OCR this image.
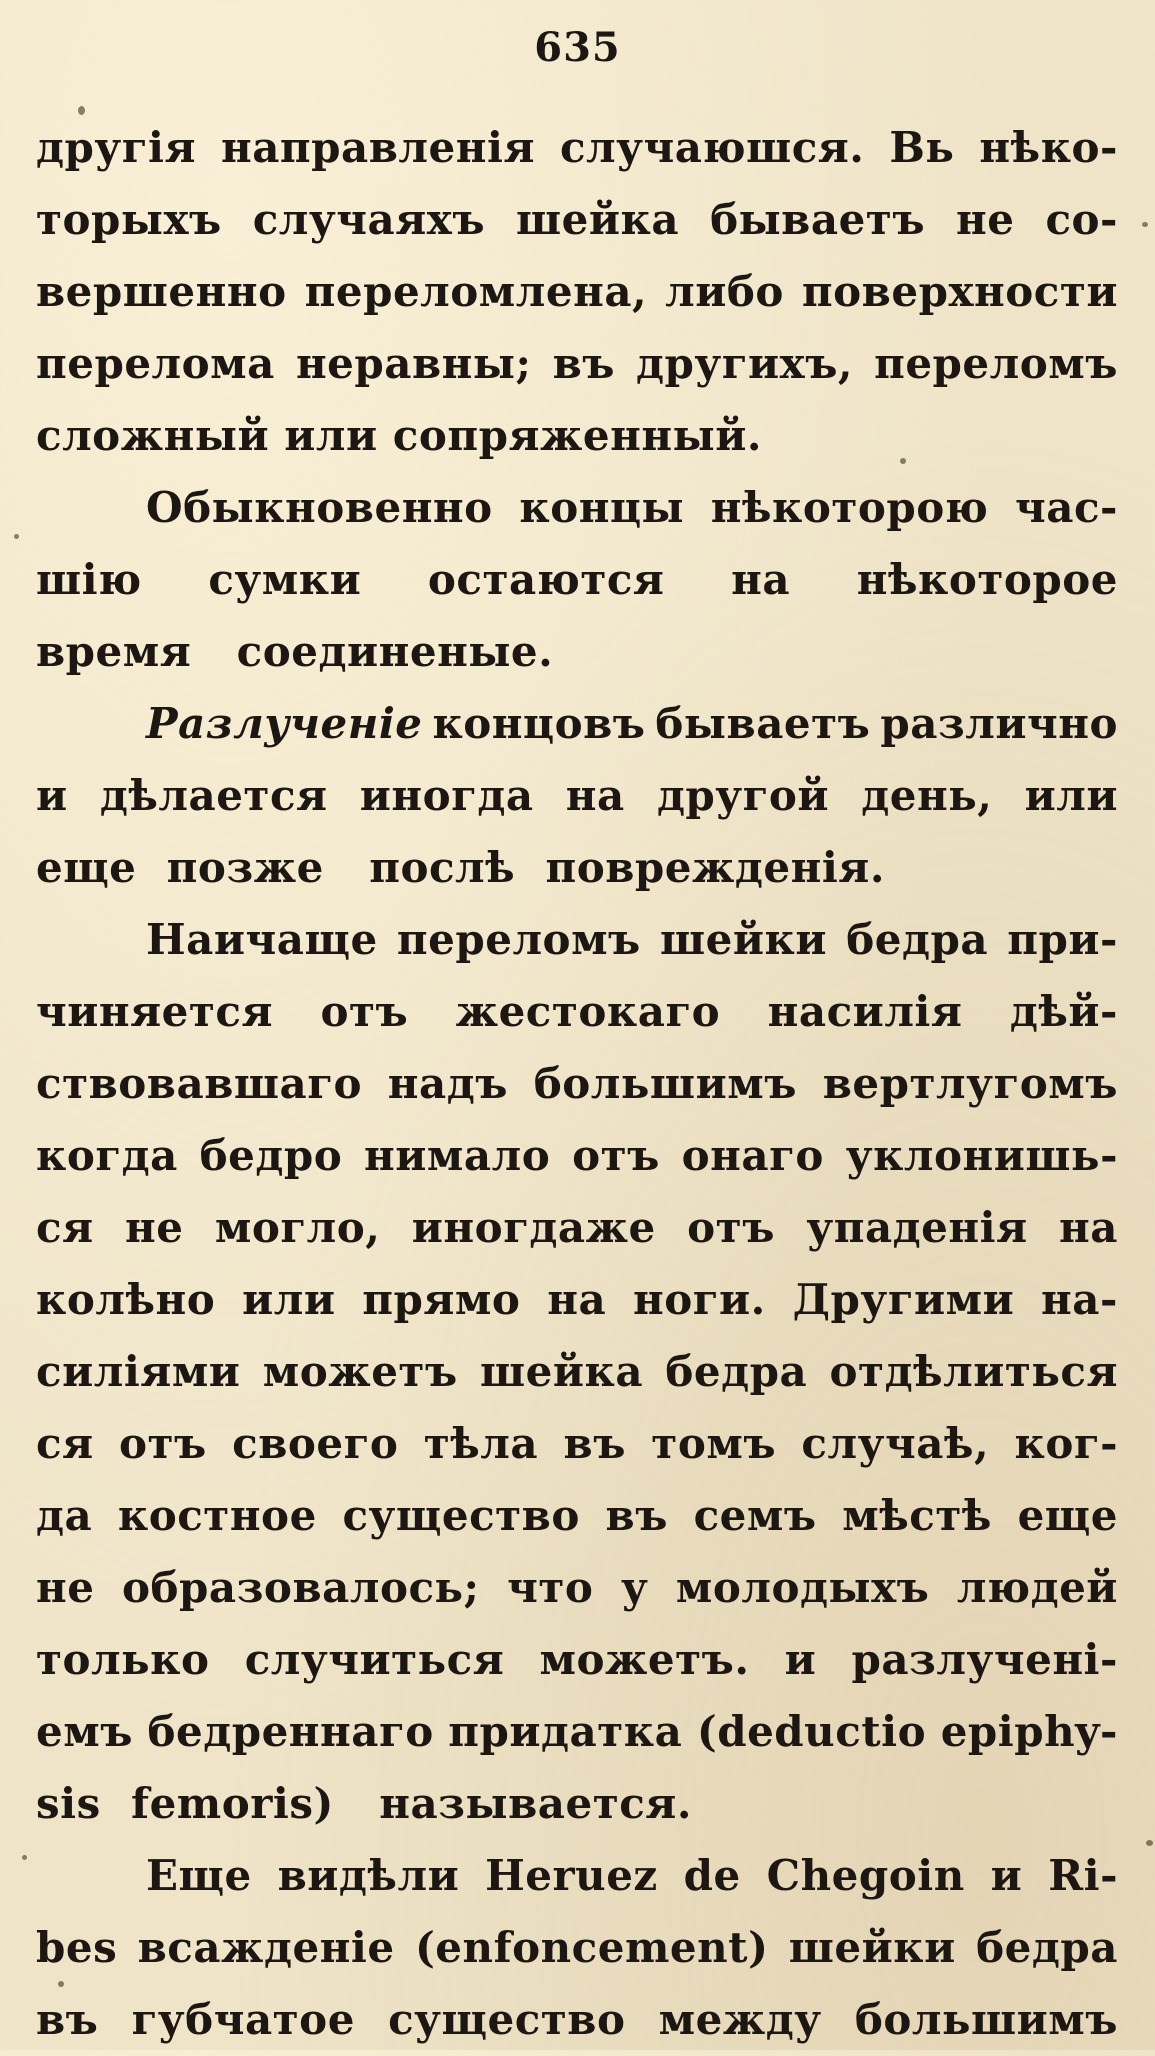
635
другія направленія случаюшся. Вь нѣко-
торыхъ случаяхъ шейка бываетъ не со-
вершенно переломлена, либо поверхности
перелома неравны; въ другихъ, переломъ
сложный или сопряженный.
Обыкновенно концы нѣкоторою час-
шію сумки остаются на нѣкоторое
время соединеные.
Разлученіе концовъ бываетъ различно
и дѣлается иногда на другой день, или
еще позже послѣ поврежденія.
Наичаще переломъ шейки бедра при-
чиняется отъ жестокаго насилія дѣй-
ствовавшаго надъ большимъ вертлугомъ
когда бедро нимало отъ онаго уклонишь-
ся не могло, иногдаже отъ упаденія на
колѣно или прямо на ноги. Другими на-
силіями можетъ шейка бедра отдѣлиться
ся отъ своего тѣла въ томъ случаѣ, ког-
да костное существо въ семъ мѣстѣ еще
не образовалось; что у молодыхъ людей
только случиться можетъ. и разлученi-
емъ бедреннаго придатка (deductio epiphy-
sis femoris) называется.
Еще видѣли Heruez de Chegoin и Ri-
bes всажденіе (enfoncement) шейки бедра
въ губчатое существо между большимъ
